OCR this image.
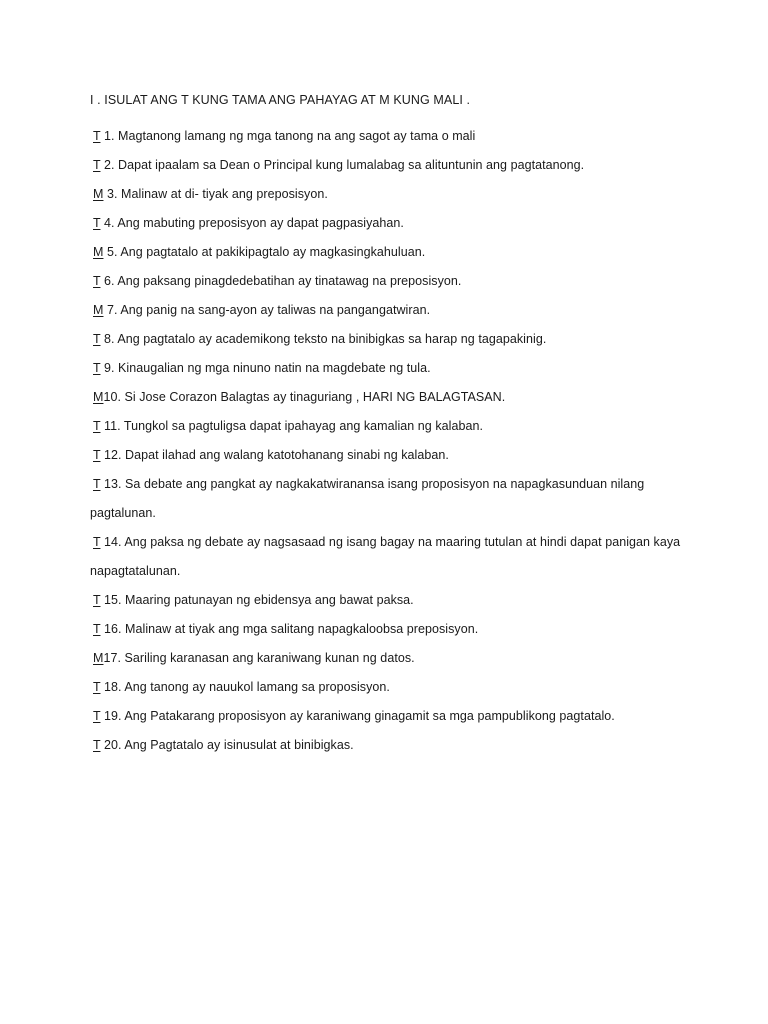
I . ISULAT ANG T KUNG TAMA ANG PAHAYAG AT M KUNG MALI .
T 1. Magtanong lamang ng mga tanong na ang sagot ay tama o mali
T 2. Dapat ipaalam sa Dean o Principal kung lumalabag sa alituntunin ang pagtatanong.
M 3. Malinaw at di- tiyak ang preposisyon.
T 4. Ang mabuting preposisyon ay dapat pagpasiyahan.
M 5. Ang pagtatalo at pakikipagtalo ay magkasingkahuluan.
T 6. Ang paksang pinagdedebatihan ay tinatawag na preposisyon.
M 7. Ang panig na sang-ayon ay taliwas na pangangatwiran.
T 8. Ang pagtatalo ay academikong teksto na binibigkas sa harap ng tagapakinig.
T 9. Kinaugalian ng mga ninuno natin na magdebate ng tula.
M10. Si Jose Corazon Balagtas ay tinaguriang , HARI NG BALAGTASAN.
T 11. Tungkol sa pagtuligsa dapat ipahayag ang kamalian ng kalaban.
T 12. Dapat ilahad ang walang katotohanang sinabi ng kalaban.
T 13. Sa debate ang pangkat ay nagkakatwiranansa isang proposisyon na napagkasunduan nilang pagtalunan.
T 14. Ang paksa ng debate ay nagsasaad ng isang bagay na maaring tutulan at hindi dapat panigan kaya napagtatalunan.
T 15. Maaring patunayan ng ebidensya ang bawat paksa.
T 16. Malinaw at tiyak ang mga salitang napagkaloobsa preposisyon.
M17. Sariling karanasan ang karaniwang kunan ng datos.
T 18. Ang tanong ay nauukol lamang sa proposisyon.
T 19. Ang Patakarang proposisyon ay karaniwang ginagamit sa mga pampublikong pagtatalo.
T 20. Ang Pagtatalo ay isinusulat at binibigkas.
